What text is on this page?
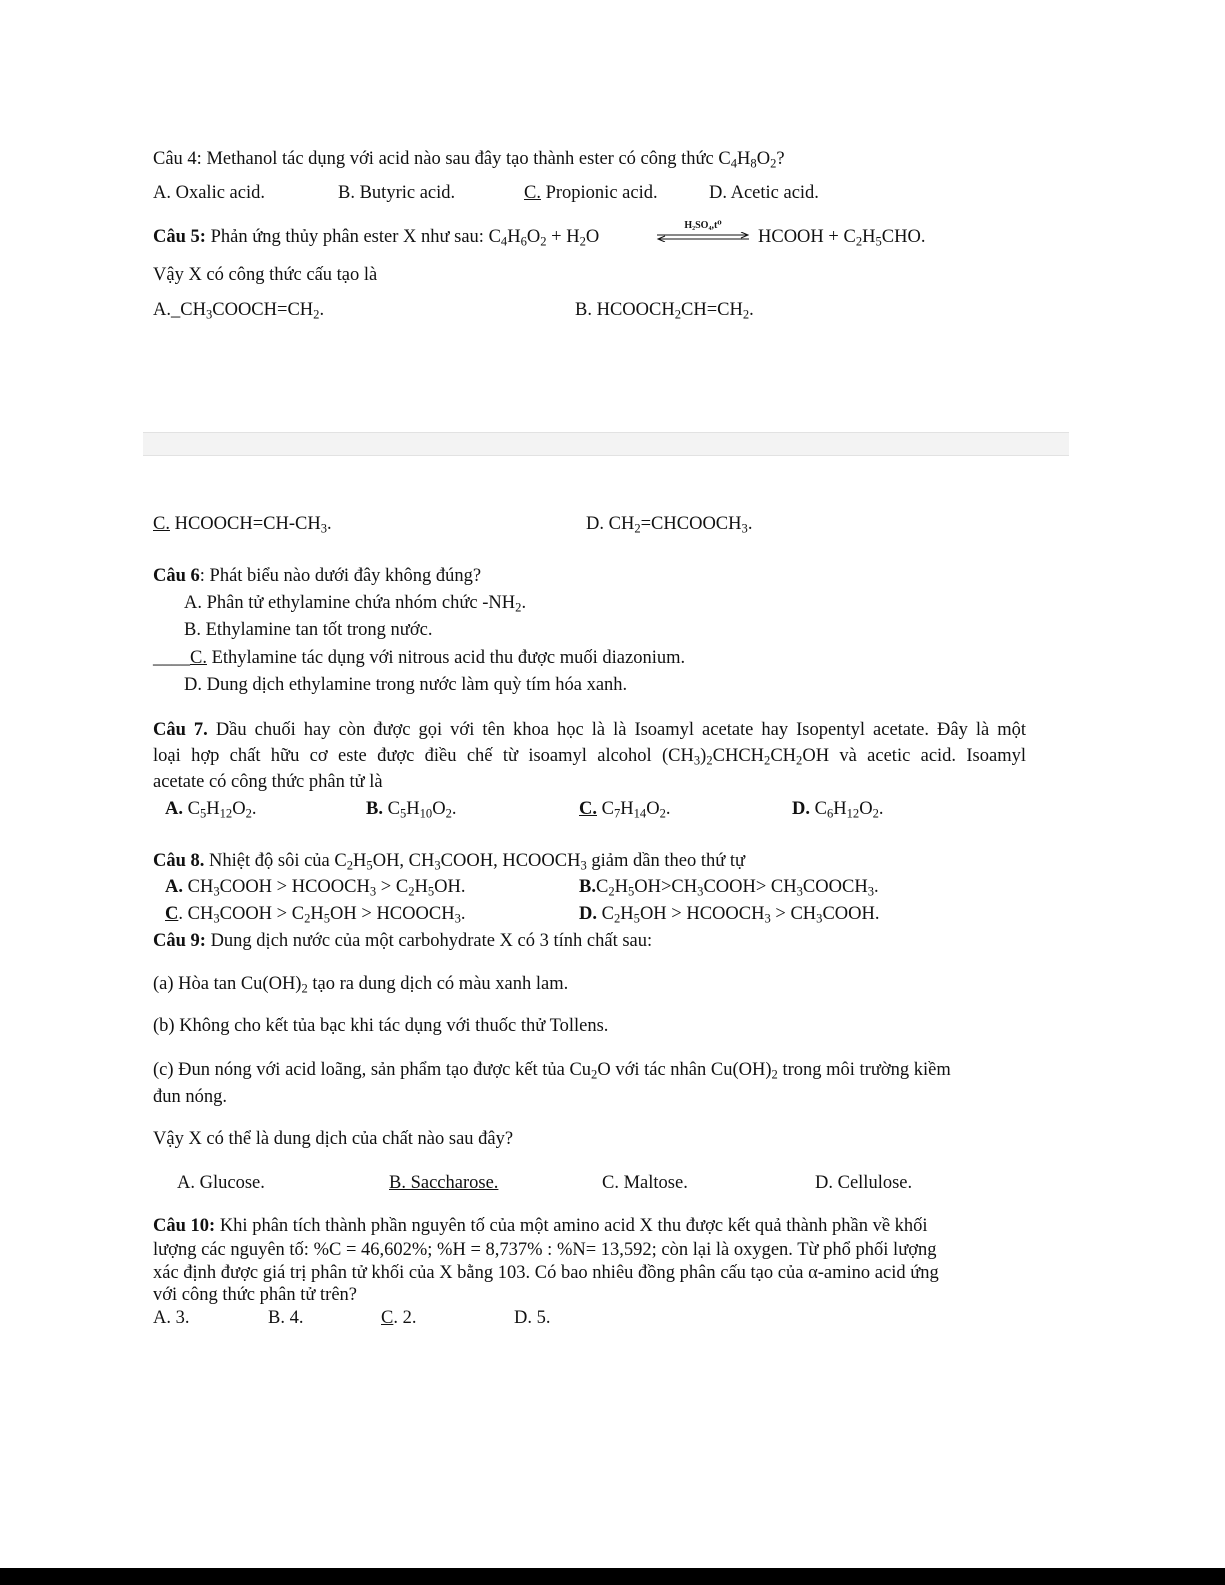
Câu 4: Methanol tác dụng với acid nào sau đây tạo thành ester có công thức $C_4H_8O_2$?
A. Oxalic acid.	B. Butyric acid.	C. Propionic acid.	D. Acetic acid.
Câu 5: Phản ứng thủy phân ester X như sau: $C_4H_6O_2 + H_2O$
H₂SO₄,t⁰
HCOOH + $C_2H_5CHO$.
Vậy X có công thức cấu tạo là
$A.\_CH_3COOCH=CH_2$.	B. $HCOOCH_2CH=CH_2$.
C. $HCOOCH=CH-CH_3$.	D. $CH_2=CHCOOCH_3$.
Câu 6: Phát biểu nào dưới đây không đúng?
A. Phân tử ethylamine chứa nhóm chức $-NH_2$.
B. Ethylamine tan tốt trong nước.
____C. Ethylamine tác dụng với nitrous acid thu được muối diazonium.
D. Dung dịch ethylamine trong nước làm quỳ tím hóa xanh.
Câu 7. Dầu chuối hay còn được gọi với tên khoa học là là Isoamyl acetate hay Isopentyl acetate. Đây là một
loại hợp chất hữu cơ este được điều chế từ isoamyl alcohol $(CH_3)_2CHCH_2CH_2OH$ và acetic acid. Isoamyl
acetate có công thức phân tử là
A. $C_5H_{12}O_2$.	B. $C_5H_{10}O_2$.	C. $C_7H_{14}O_2$.	D. $C_6H_{12}O_2$.
Câu 8. Nhiệt độ sôi của $C_2H_5OH$, $CH_3COOH$, $HCOOCH_3$ giảm dần theo thứ tự
A. $CH_3COOH$ > $HCOOCH_3 > C_2H_5OH$.	$B.C_2H_5OH>CH_3COOH>$ $CH_3COOCH_3$.
C. $CH_3COOH > C_2H_5OH$ > $HCOOCH_3$.	D. $C_2H_5OH$ > $HCOOCH_3$ > $CH_3COOH$.
Câu 9: Dung dịch nước của một carbohydrate X có 3 tính chất sau:
(a) Hòa $\tan Cu(OH)_2$ tạo ra dung dịch có màu xanh lam.
(b) Không cho kết tủa bạc khi tác dụng với thuốc thử Tollens.
(c) Đun nóng với acid loãng, sản phẩm tạo được kết tủa $Cu_2O$ với tác nhân $Cu(OH)_2$ trong môi trường kiềm
đun nóng.
Vậy X có thể là dung dịch của chất nào sau đây?
A. Glucose.	B. Saccharose.	C. Maltose.	D. Cellulose.
Câu 10: Khi phân tích thành phần nguyên tố của một amino acid X thu được kết quả thành phần về khối
lượng các nguyên tố: %C = 46,602%; %H = 8,737% : %N= 13,592; còn lại là oxygen. Từ phổ phối lượng
xác định được giá trị phân tử khối của X bằng 103. Có bao nhiêu đồng phân cấu tạo của α-amino acid ứng
với công thức phân tử trên?
A. 3.	B. 4.	C. 2.	D. 5.
